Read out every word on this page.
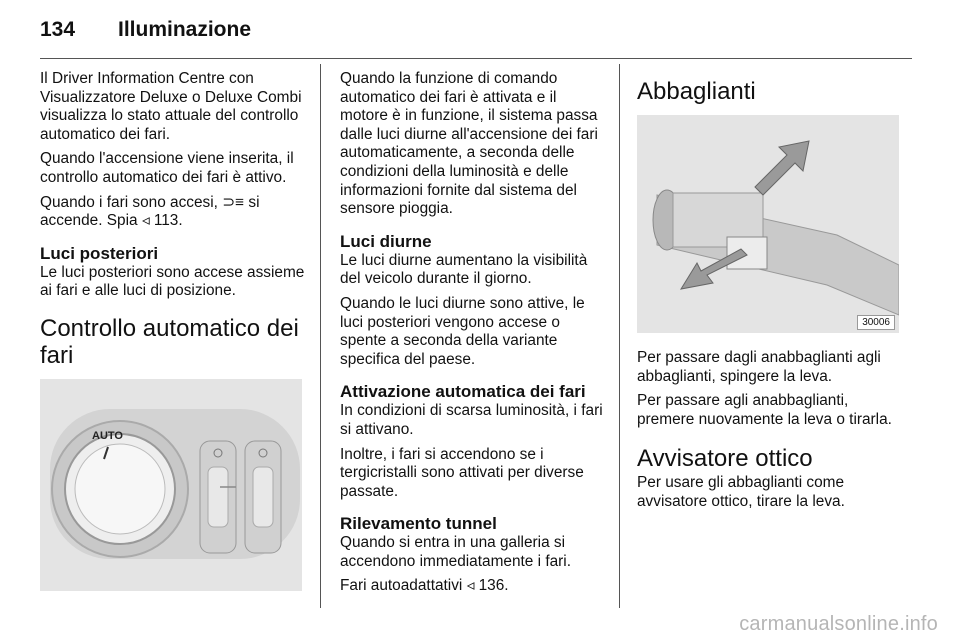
134 Illuminazione

Il Driver Information Centre con Visualizzatore Deluxe o Deluxe Combi visualizza lo stato attuale del controllo automatico dei fari.

Quando l'accensione viene inserita, il controllo automatico dei fari è attivo.

Quando i fari sono accesi, ⊃≡ si accende. Spia ◃ 113.

Luci posteriori

Le luci posteriori sono accese assieme ai fari e alle luci di posizione.

Controllo automatico dei fari
AUTO

Quando la funzione di comando automatico dei fari è attivata e il motore è in funzione, il sistema passa dalle luci diurne all'accensione dei fari automaticamente, a seconda delle condizioni della luminosità e delle informazioni fornite dal sistema del sensore pioggia.

Luci diurne

Le luci diurne aumentano la visibilità del veicolo durante il giorno.

Quando le luci diurne sono attive, le luci posteriori vengono accese o spente a seconda della variante specifica del paese.

Attivazione automatica dei fari

In condizioni di scarsa luminosità, i fari si attivano.

Inoltre, i fari si accendono se i tergicristalli sono attivati per diverse passate.

Rilevamento tunnel

Quando si entra in una galleria si accendono immediatamente i fari.

Fari autoadattativi ◃ 136.

Abbaglianti
30006

Per passare dagli anabbaglianti agli abbaglianti, spingere la leva.

Per passare agli anabbaglianti, premere nuovamente la leva o tirarla.

Avvisatore ottico

Per usare gli abbaglianti come avvisatore ottico, tirare la leva.

carmanualsonline.info
